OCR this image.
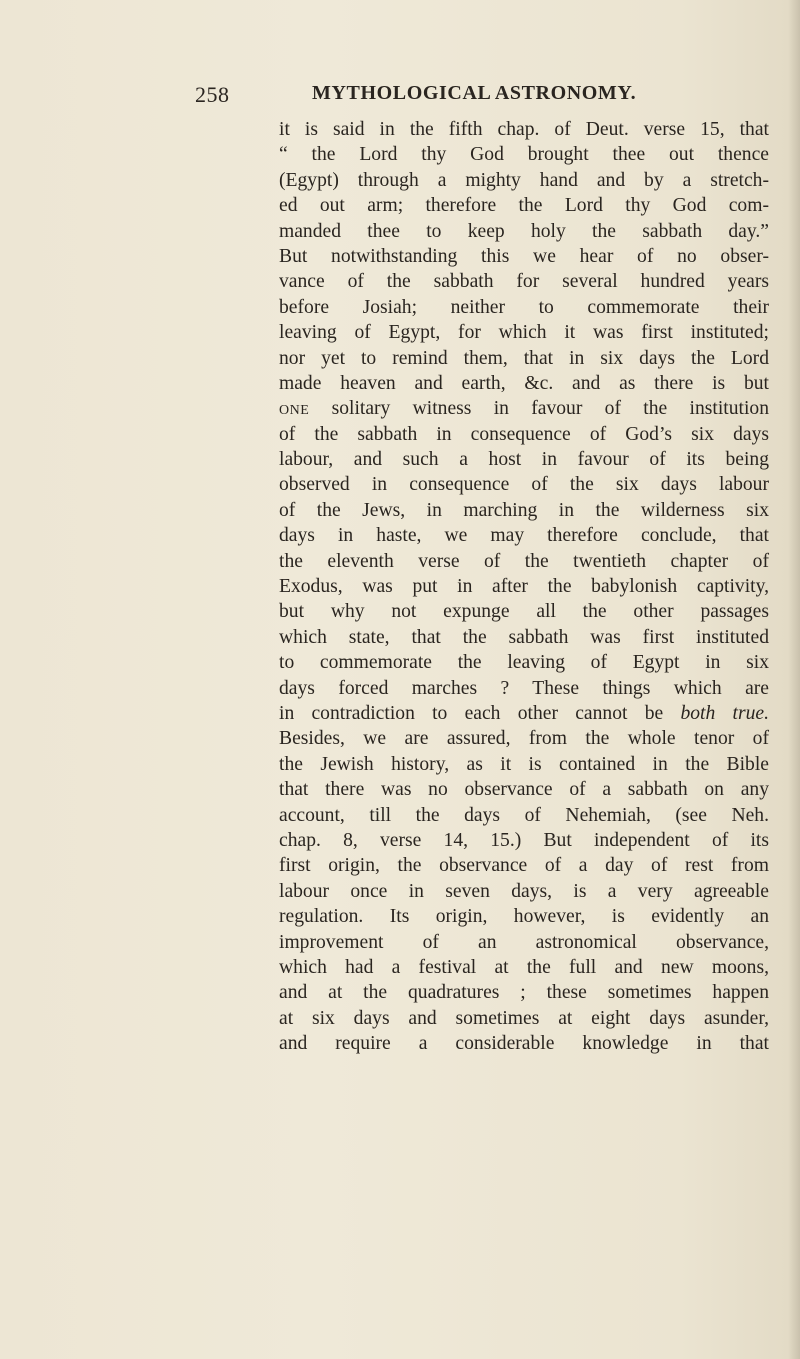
258	MYTHOLOGICAL ASTRONOMY.
it is said in the fifth chap. of Deut. verse 15, that
“ the Lord thy God brought thee out thence
(Egypt) through a mighty hand and by a stretch-
ed out arm; therefore the Lord thy God com-
manded thee to keep holy the sabbath day.”
But notwithstanding this we hear of no obser-
vance of the sabbath for several hundred years
before Josiah; neither to commemorate their
leaving of Egypt, for which it was first instituted;
nor yet to remind them, that in six days the Lord
made heaven and earth, &c. and as there is but
one solitary witness in favour of the institution
of the sabbath in consequence of God’s six days
labour, and such a host in favour of its being
observed in consequence of the six days labour
of the Jews, in marching in the wilderness six
days in haste, we may therefore conclude, that
the eleventh verse of the twentieth chapter of
Exodus, was put in after the babylonish captivity,
but why not expunge all the other passages
which state, that the sabbath was first instituted
to commemorate the leaving of Egypt in six
days forced marches ? These things which are
in contradiction to each other cannot be both true.
Besides, we are assured, from the whole tenor of
the Jewish history, as it is contained in the Bible
that there was no observance of a sabbath on any
account, till the days of Nehemiah, (see Neh.
chap. 8, verse 14, 15.) But independent of its
first origin, the observance of a day of rest from
labour once in seven days, is a very agreeable
regulation. Its origin, however, is evidently an
improvement of an astronomical observance,
which had a festival at the full and new moons,
and at the quadratures ; these sometimes happen
at six days and sometimes at eight days asunder,
and require a considerable knowledge in that
